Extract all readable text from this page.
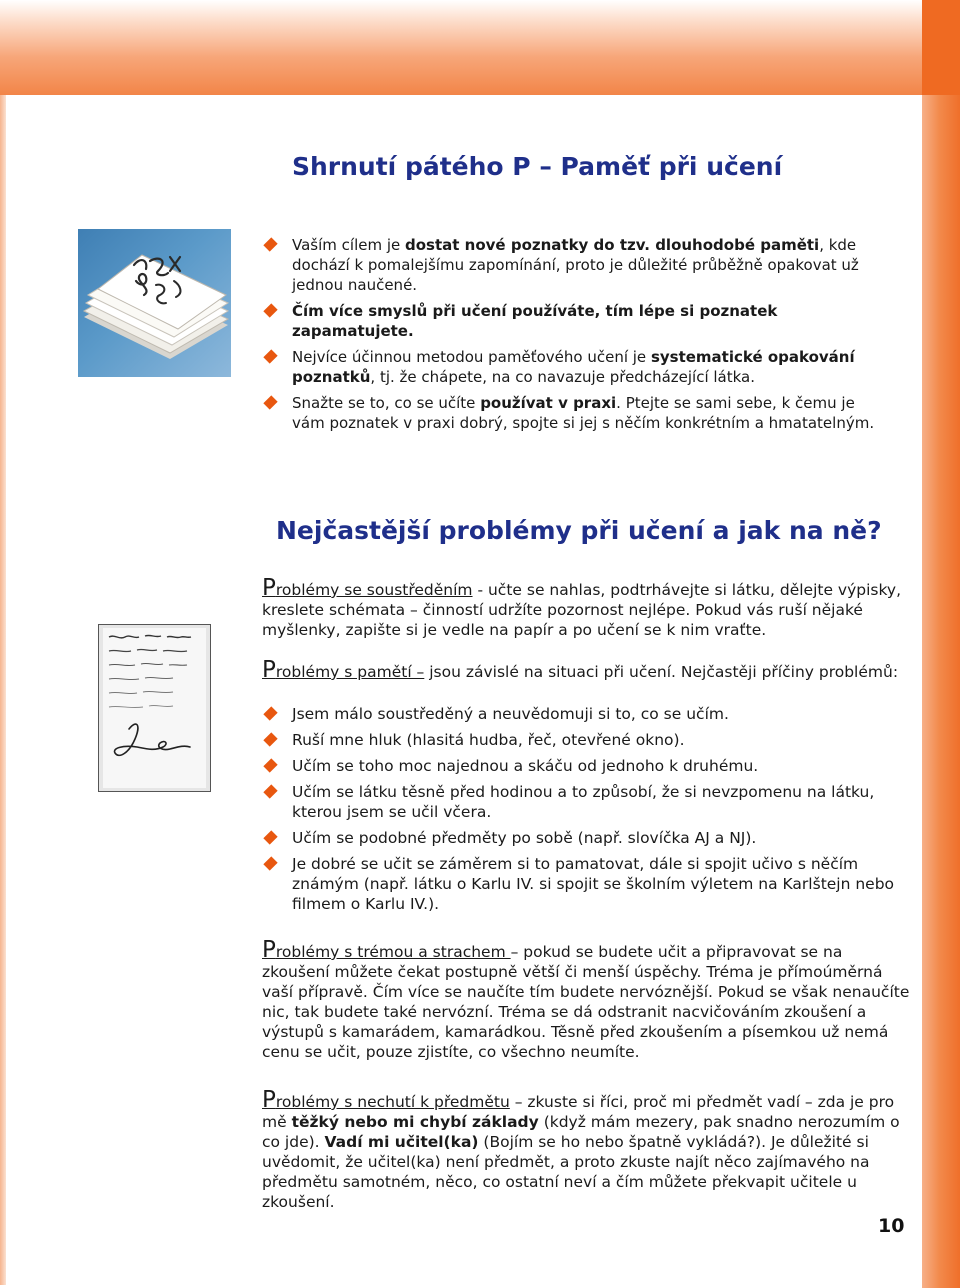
Shrnutí pátého P – Paměť při učení
Vaším cílem je dostat nové poznatky do tzv. dlouhodobé paměti, kde dochází k pomalejšímu zapomínání, proto je důležité průběžně opakovat už jednou naučené.
Čím více smyslů při učení používáte, tím lépe si poznatek zapamatujete.
Nejvíce účinnou metodou paměťového učení je systematické opakování poznatků, tj. že chápete, na co navazuje předcházející látka.
Snažte se to, co se učíte používat v praxi. Ptejte se sami sebe, k čemu je vám poznatek v praxi dobrý, spojte si jej s něčím konkrétním a hmatatelným.
Nejčastější problémy při učení a jak na ně?

Problémy se soustředěním - učte se nahlas, podtrhávejte si látku, dělejte výpisky, kreslete schémata – činností udržíte pozornost nejlépe. Pokud vás ruší nějaké myšlenky, zapište si je vedle na papír a po učení se k nim vraťte.

Problémy s pamětí – jsou závislé na situaci při učení. Nejčastěji příčiny problémů:

Jsem málo soustředěný a neuvědomuji si to, co se učím.
Ruší mne hluk (hlasitá hudba, řeč, otevřené okno).
Učím se toho moc najednou a skáču od jednoho k druhému.
Učím se látku těsně před hodinou a to způsobí, že si nevzpomenu na látku, kterou jsem se učil včera.
Učím se podobné předměty po sobě (např. slovíčka AJ a NJ).
Je dobré se učit se záměrem si to pamatovat, dále si spojit učivo s něčím známým (např. látku o Karlu IV. si spojit se školním výletem na Karlštejn nebo filmem o Karlu IV.).

Problémy s trémou a strachem – pokud se budete učit a připravovat se na zkoušení můžete čekat postupně větší či menší úspěchy. Tréma je přímoúměrná vaší přípravě. Čím více se naučíte tím budete nervóznější. Pokud se však nenaučíte nic, tak budete také nervózní. Tréma se dá odstranit nacvičováním zkoušení a výstupů s kamarádem, kamarádkou. Těsně před zkoušením a písemkou už nemá cenu se učit, pouze zjistíte, co všechno neumíte.

Problémy s nechutí k předmětu – zkuste si říci, proč mi předmět vadí – zda je pro mě těžký nebo mi chybí základy (když mám mezery, pak snadno nerozumím o co jde). Vadí mi učitel(ka) (Bojím se ho nebo špatně vykládá?). Je důležité si uvědomit, že učitel(ka) není předmět, a proto zkuste najít něco zajímavého na předmětu samotném, něco, co ostatní neví a čím můžete překvapit učitele u zkoušení.

10
